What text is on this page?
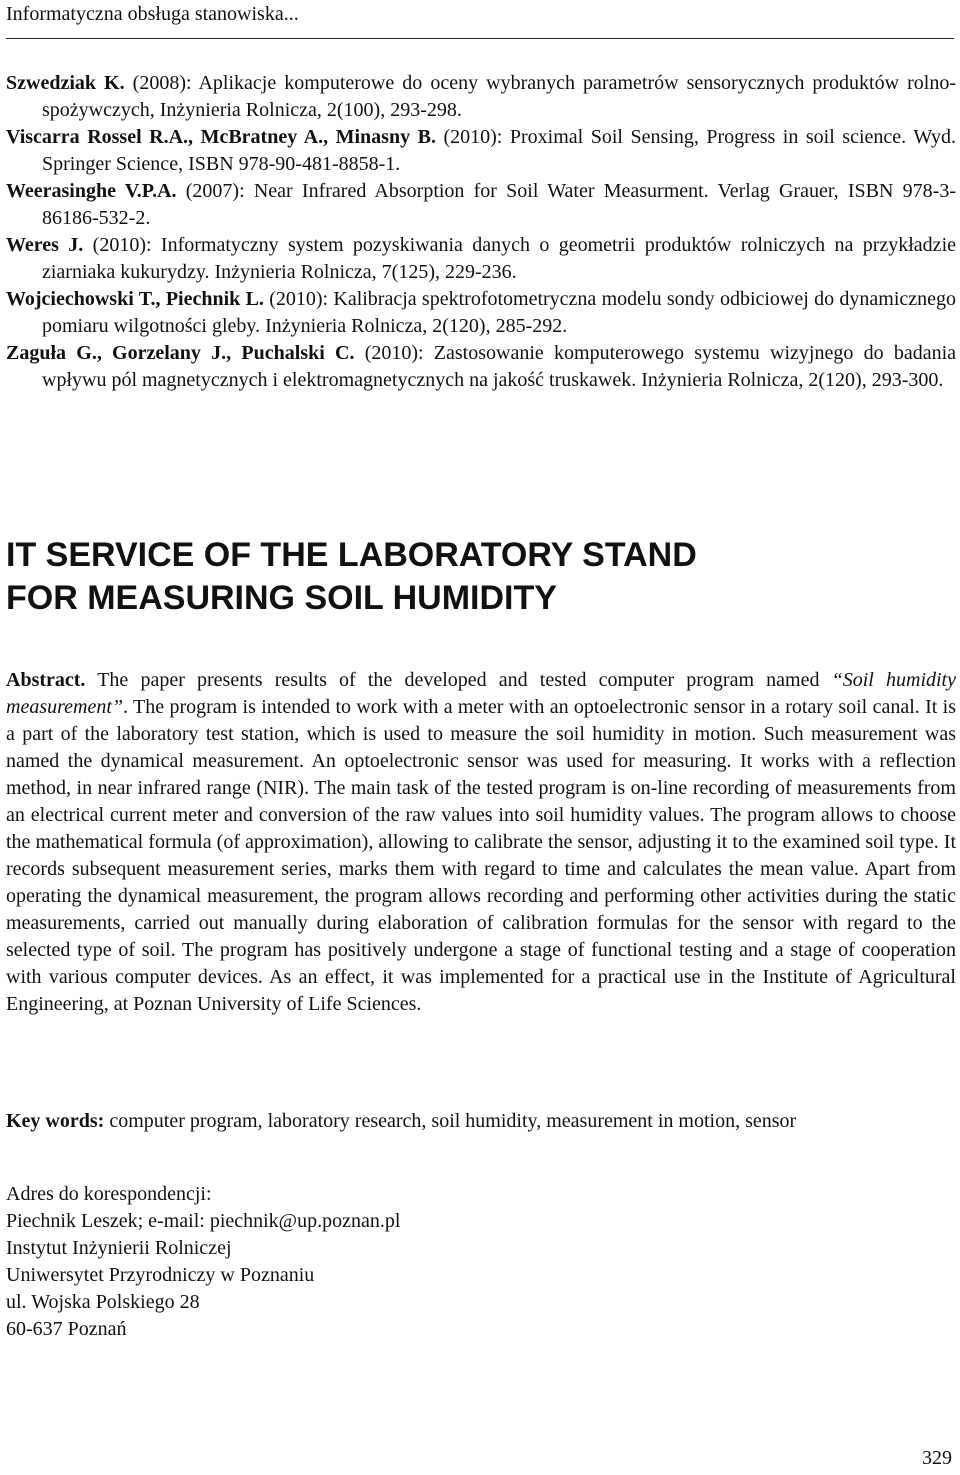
Informatyczna obsługa stanowiska...

Szwedziak K. (2008): Aplikacje komputerowe do oceny wybranych parametrów sensorycznych produktów rolno-spożywczych, Inżynieria Rolnicza, 2(100), 293-298.

Viscarra Rossel R.A., McBratney A., Minasny B. (2010): Proximal Soil Sensing, Progress in soil science. Wyd. Springer Science, ISBN 978-90-481-8858-1.

Weerasinghe V.P.A. (2007): Near Infrared Absorption for Soil Water Measurment. Verlag Grauer, ISBN 978-3-86186-532-2.

Weres J. (2010): Informatyczny system pozyskiwania danych o geometrii produktów rolniczych na przykładzie ziarniaka kukurydzy. Inżynieria Rolnicza, 7(125), 229-236.

Wojciechowski T., Piechnik L. (2010): Kalibracja spektrofotometryczna modelu sondy odbiciowej do dynamicznego pomiaru wilgotności gleby. Inżynieria Rolnicza, 2(120), 285-292.

Zaguła G., Gorzelany J., Puchalski C. (2010): Zastosowanie komputerowego systemu wizyjnego do badania wpływu pól magnetycznych i elektromagnetycznych na jakość truskawek. Inżynieria Rolnicza, 2(120), 293-300.

IT SERVICE OF THE LABORATORY STAND
FOR MEASURING SOIL HUMIDITY

Abstract. The paper presents results of the developed and tested computer program named “Soil humidity measurement”. The program is intended to work with a meter with an optoelectronic sensor in a rotary soil canal. It is a part of the laboratory test station, which is used to measure the soil humidity in motion. Such measurement was named the dynamical measurement. An optoelectronic sensor was used for measuring. It works with a reflection method, in near infrared range (NIR). The main task of the tested program is on-line recording of measurements from an electrical current meter and conversion of the raw values into soil humidity values. The program allows to choose the mathematical formula (of approximation), allowing to calibrate the sensor, adjusting it to the examined soil type. It records subsequent measurement series, marks them with regard to time and calculates the mean value. Apart from operating the dynamical measurement, the program allows recording and performing other activities during the static measurements, carried out manually during elaboration of calibration formulas for the sensor with regard to the selected type of soil. The program has positively undergone a stage of functional testing and a stage of cooperation with various computer devices. As an effect, it was implemented for a practical use in the Institute of Agricultural Engineering, at Poznan University of Life Sciences.

Key words: computer program, laboratory research, soil humidity, measurement in motion, sensor

Adres do korespondencji:
Piechnik Leszek; e-mail: piechnik@up.poznan.pl
Instytut Inżynierii Rolniczej
Uniwersytet Przyrodniczy w Poznaniu
ul. Wojska Polskiego 28
60-637 Poznań
329
